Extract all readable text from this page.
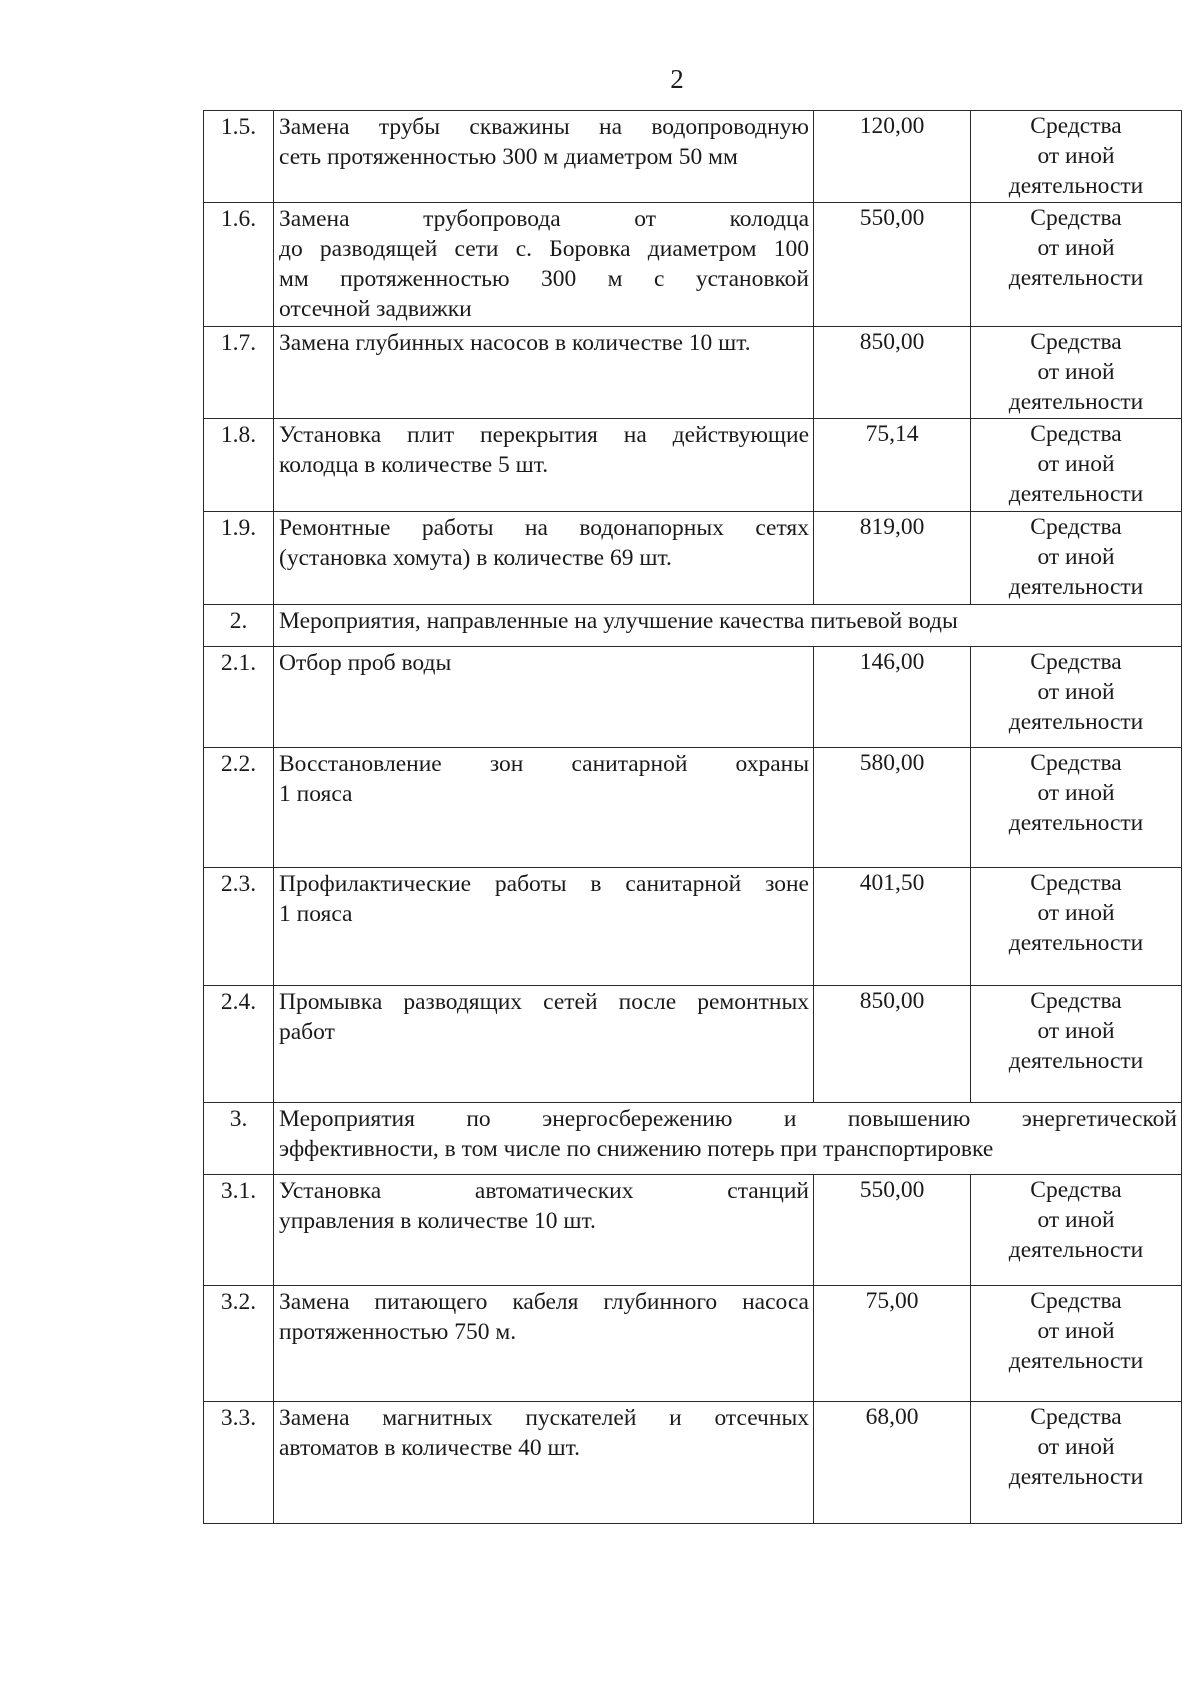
2
1.5.	Замена трубы скважины на водопроводную
сеть протяженностью 300 м диаметром 50 мм	120,00	Средства
от иной
деятельности

1.6.	Замена трубопровода от колодца
до разводящей сети с. Боровка диаметром 100
мм протяженностью 300 м с установкой
отсечной задвижки	550,00	Средства
от иной
деятельности

1.7.	Замена глубинных насосов в количестве 10 шт.	850,00	Средства
от иной
деятельности

1.8.	Установка плит перекрытия на действующие
колодца в количестве 5 шт.	75,14	Средства
от иной
деятельности

1.9.	Ремонтные работы на водонапорных сетях
(установка хомута) в количестве 69 шт.	819,00	Средства
от иной
деятельности

2.	Мероприятия, направленные на улучшение качества питьевой воды		

2.1.	Отбор проб воды	146,00	Средства
от иной
деятельности

2.2.	Восстановление зон санитарной охраны
1 пояса	580,00	Средства
от иной
деятельности

2.3.	Профилактические работы в санитарной зоне
1 пояса	401,50	Средства
от иной
деятельности

2.4.	Промывка разводящих сетей после ремонтных
работ	850,00	Средства
от иной
деятельности

3.	Мероприятия по энергосбережению и повышению энергетической
эффективности, в том числе по снижению потерь при транспортировке		

3.1.	Установка автоматических станций
управления в количестве 10 шт.	550,00	Средства
от иной
деятельности

3.2.	Замена питающего кабеля глубинного насоса
протяженностью 750 м.	75,00	Средства
от иной
деятельности

3.3.	Замена магнитных пускателей и отсечных
автоматов в количестве 40 шт.	68,00	Средства
от иной
деятельности
